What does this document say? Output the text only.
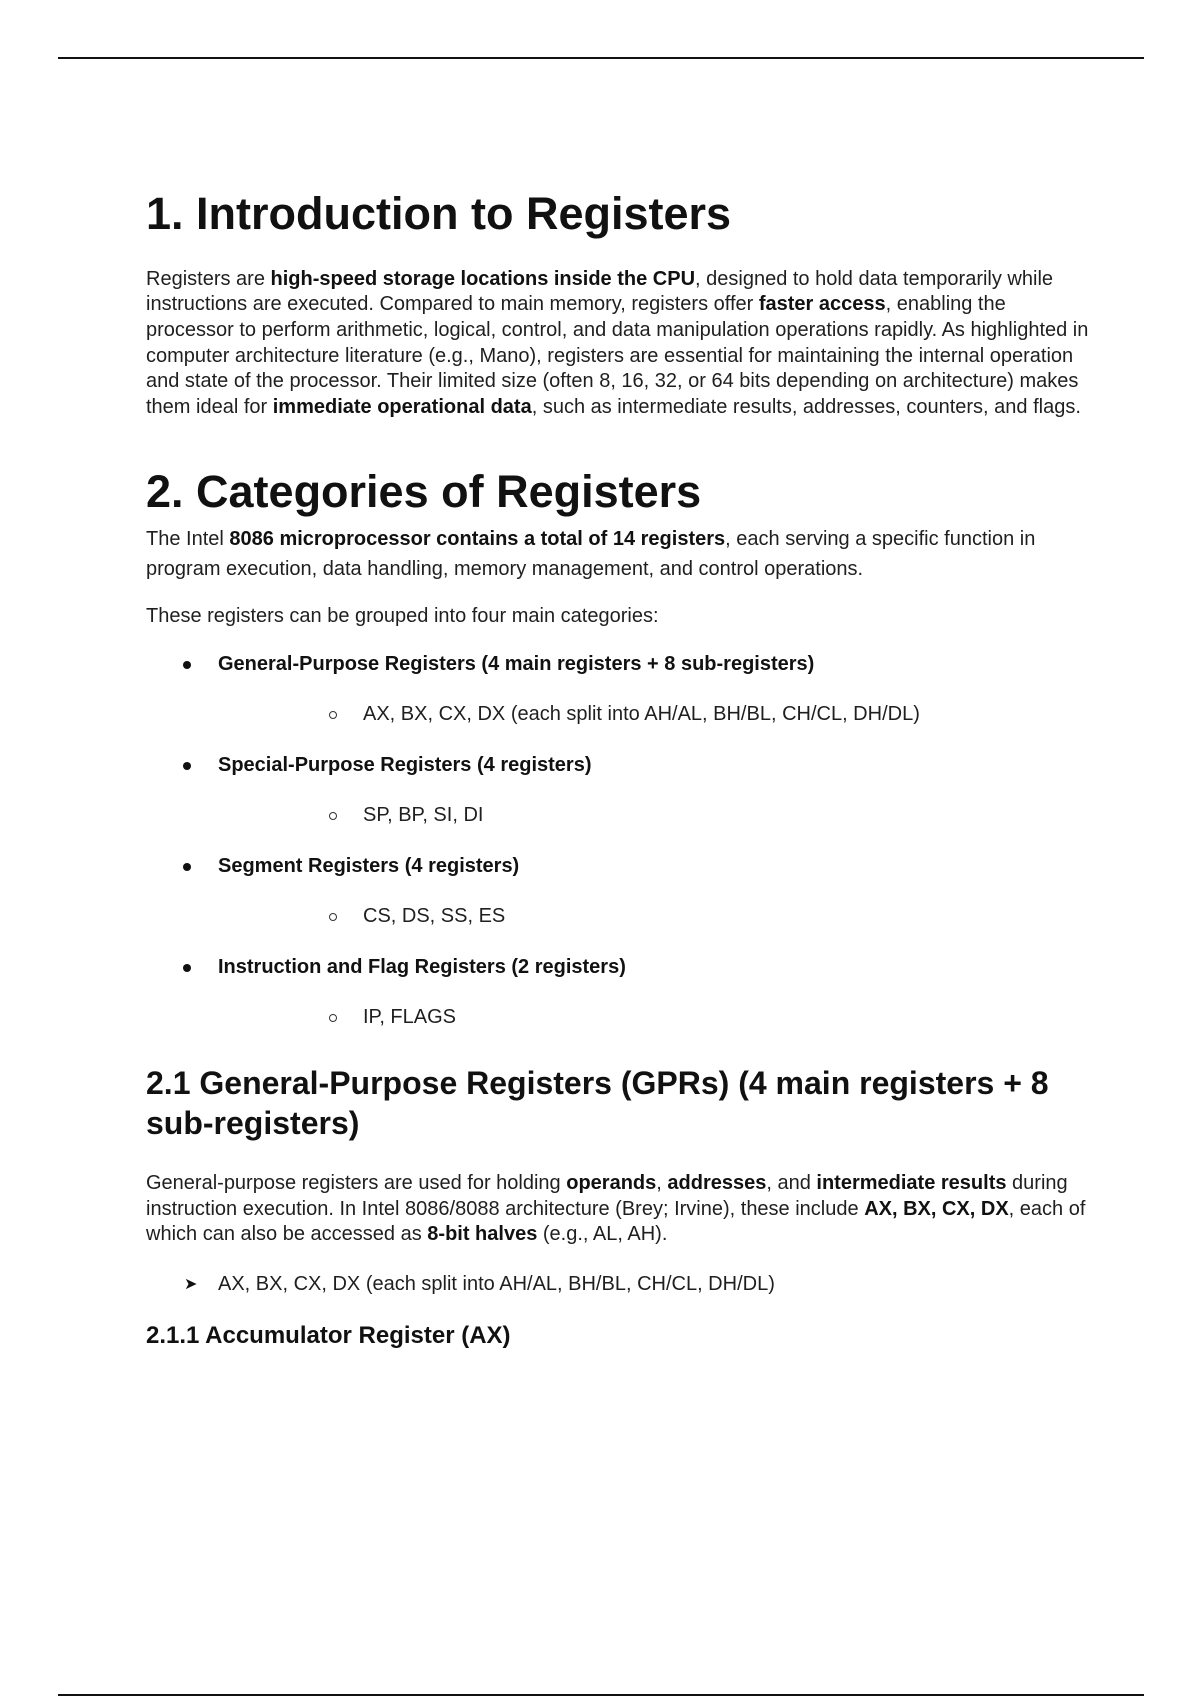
1. Introduction to Registers

Registers are high-speed storage locations inside the CPU, designed to hold data temporarily while instructions are executed. Compared to main memory, registers offer faster access, enabling the processor to perform arithmetic, logical, control, and data manipulation operations rapidly. As highlighted in computer architecture literature (e.g., Mano), registers are essential for maintaining the internal operation and state of the processor. Their limited size (often 8, 16, 32, or 64 bits depending on architecture) makes them ideal for immediate operational data, such as intermediate results, addresses, counters, and flags.

2. Categories of Registers

The Intel 8086 microprocessor contains a total of 14 registers, each serving a specific function in program execution, data handling, memory management, and control operations.

These registers can be grouped into four main categories:

General-Purpose Registers (4 main registers + 8 sub-registers)
AX, BX, CX, DX (each split into AH/AL, BH/BL, CH/CL, DH/DL)
Special-Purpose Registers (4 registers)
SP, BP, SI, DI
Segment Registers (4 registers)
CS, DS, SS, ES
Instruction and Flag Registers (2 registers)
IP, FLAGS
2.1 General-Purpose Registers (GPRs) (4 main registers + 8 sub-registers)

General-purpose registers are used for holding operands, addresses, and intermediate results during instruction execution. In Intel 8086/8088 architecture (Brey; Irvine), these include AX, BX, CX, DX, each of which can also be accessed as 8-bit halves (e.g., AL, AH).

➤ AX, BX, CX, DX (each split into AH/AL, BH/BL, CH/CL, DH/DL)
2.1.1 Accumulator Register (AX)
